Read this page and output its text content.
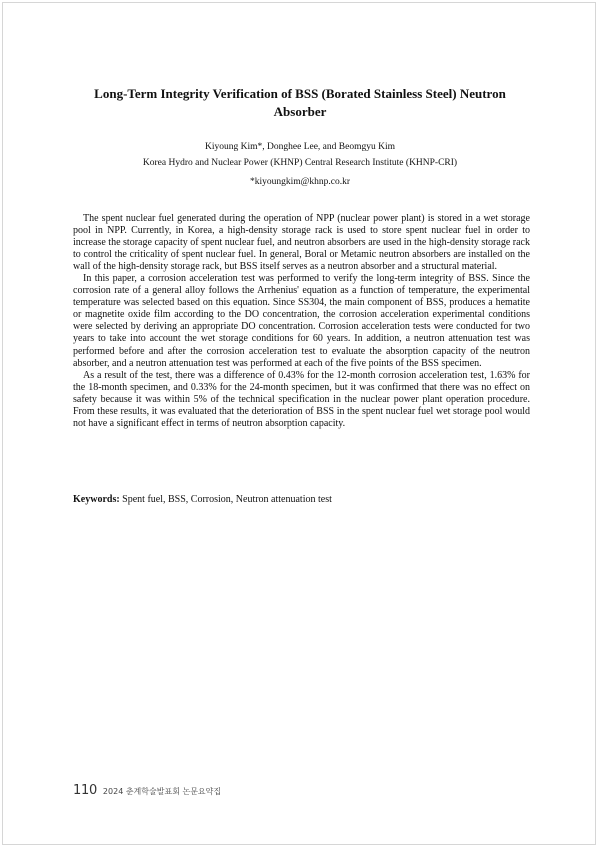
Long-Term Integrity Verification of BSS (Borated Stainless Steel) Neutron Absorber

Kiyoung Kim*, Donghee Lee, and Beomgyu Kim

Korea Hydro and Nuclear Power (KHNP) Central Research Institute (KHNP-CRI)

*kiyoungkim@khnp.co.kr

The spent nuclear fuel generated during the operation of NPP (nuclear power plant) is stored in a wet storage pool in NPP. Currently, in Korea, a high-density storage rack is used to store spent nuclear fuel in order to increase the storage capacity of spent nuclear fuel, and neutron absorbers are used in the high-density storage rack to control the criticality of spent nuclear fuel. In general, Boral or Metamic neutron absorbers are installed on the wall of the high-density storage rack, but BSS itself serves as a neutron absorber and a structural material.

In this paper, a corrosion acceleration test was performed to verify the long-term integrity of BSS. Since the corrosion rate of a general alloy follows the Arrhenius' equation as a function of temperature, the experimental temperature was selected based on this equation. Since SS304, the main component of BSS, produces a hematite or magnetite oxide film according to the DO concentration, the corrosion acceleration experimental conditions were selected by deriving an appropriate DO concentration. Corrosion acceleration tests were conducted for two years to take into account the wet storage conditions for 60 years. In addition, a neutron attenuation test was performed before and after the corrosion acceleration test to evaluate the absorption capacity of the neutron absorber, and a neutron attenuation test was performed at each of the five points of the BSS specimen.

As a result of the test, there was a difference of 0.43% for the 12-month corrosion acceleration test, 1.63% for the 18-month specimen, and 0.33% for the 24-month specimen, but it was confirmed that there was no effect on safety because it was within 5% of the technical specification in the nuclear power plant operation procedure. From these results, it was evaluated that the deterioration of BSS in the spent nuclear fuel wet storage pool would not have a significant effect in terms of neutron absorption capacity.

Keywords: Spent fuel, BSS, Corrosion, Neutron attenuation test

110 2024 춘계학술발표회 논문요약집
